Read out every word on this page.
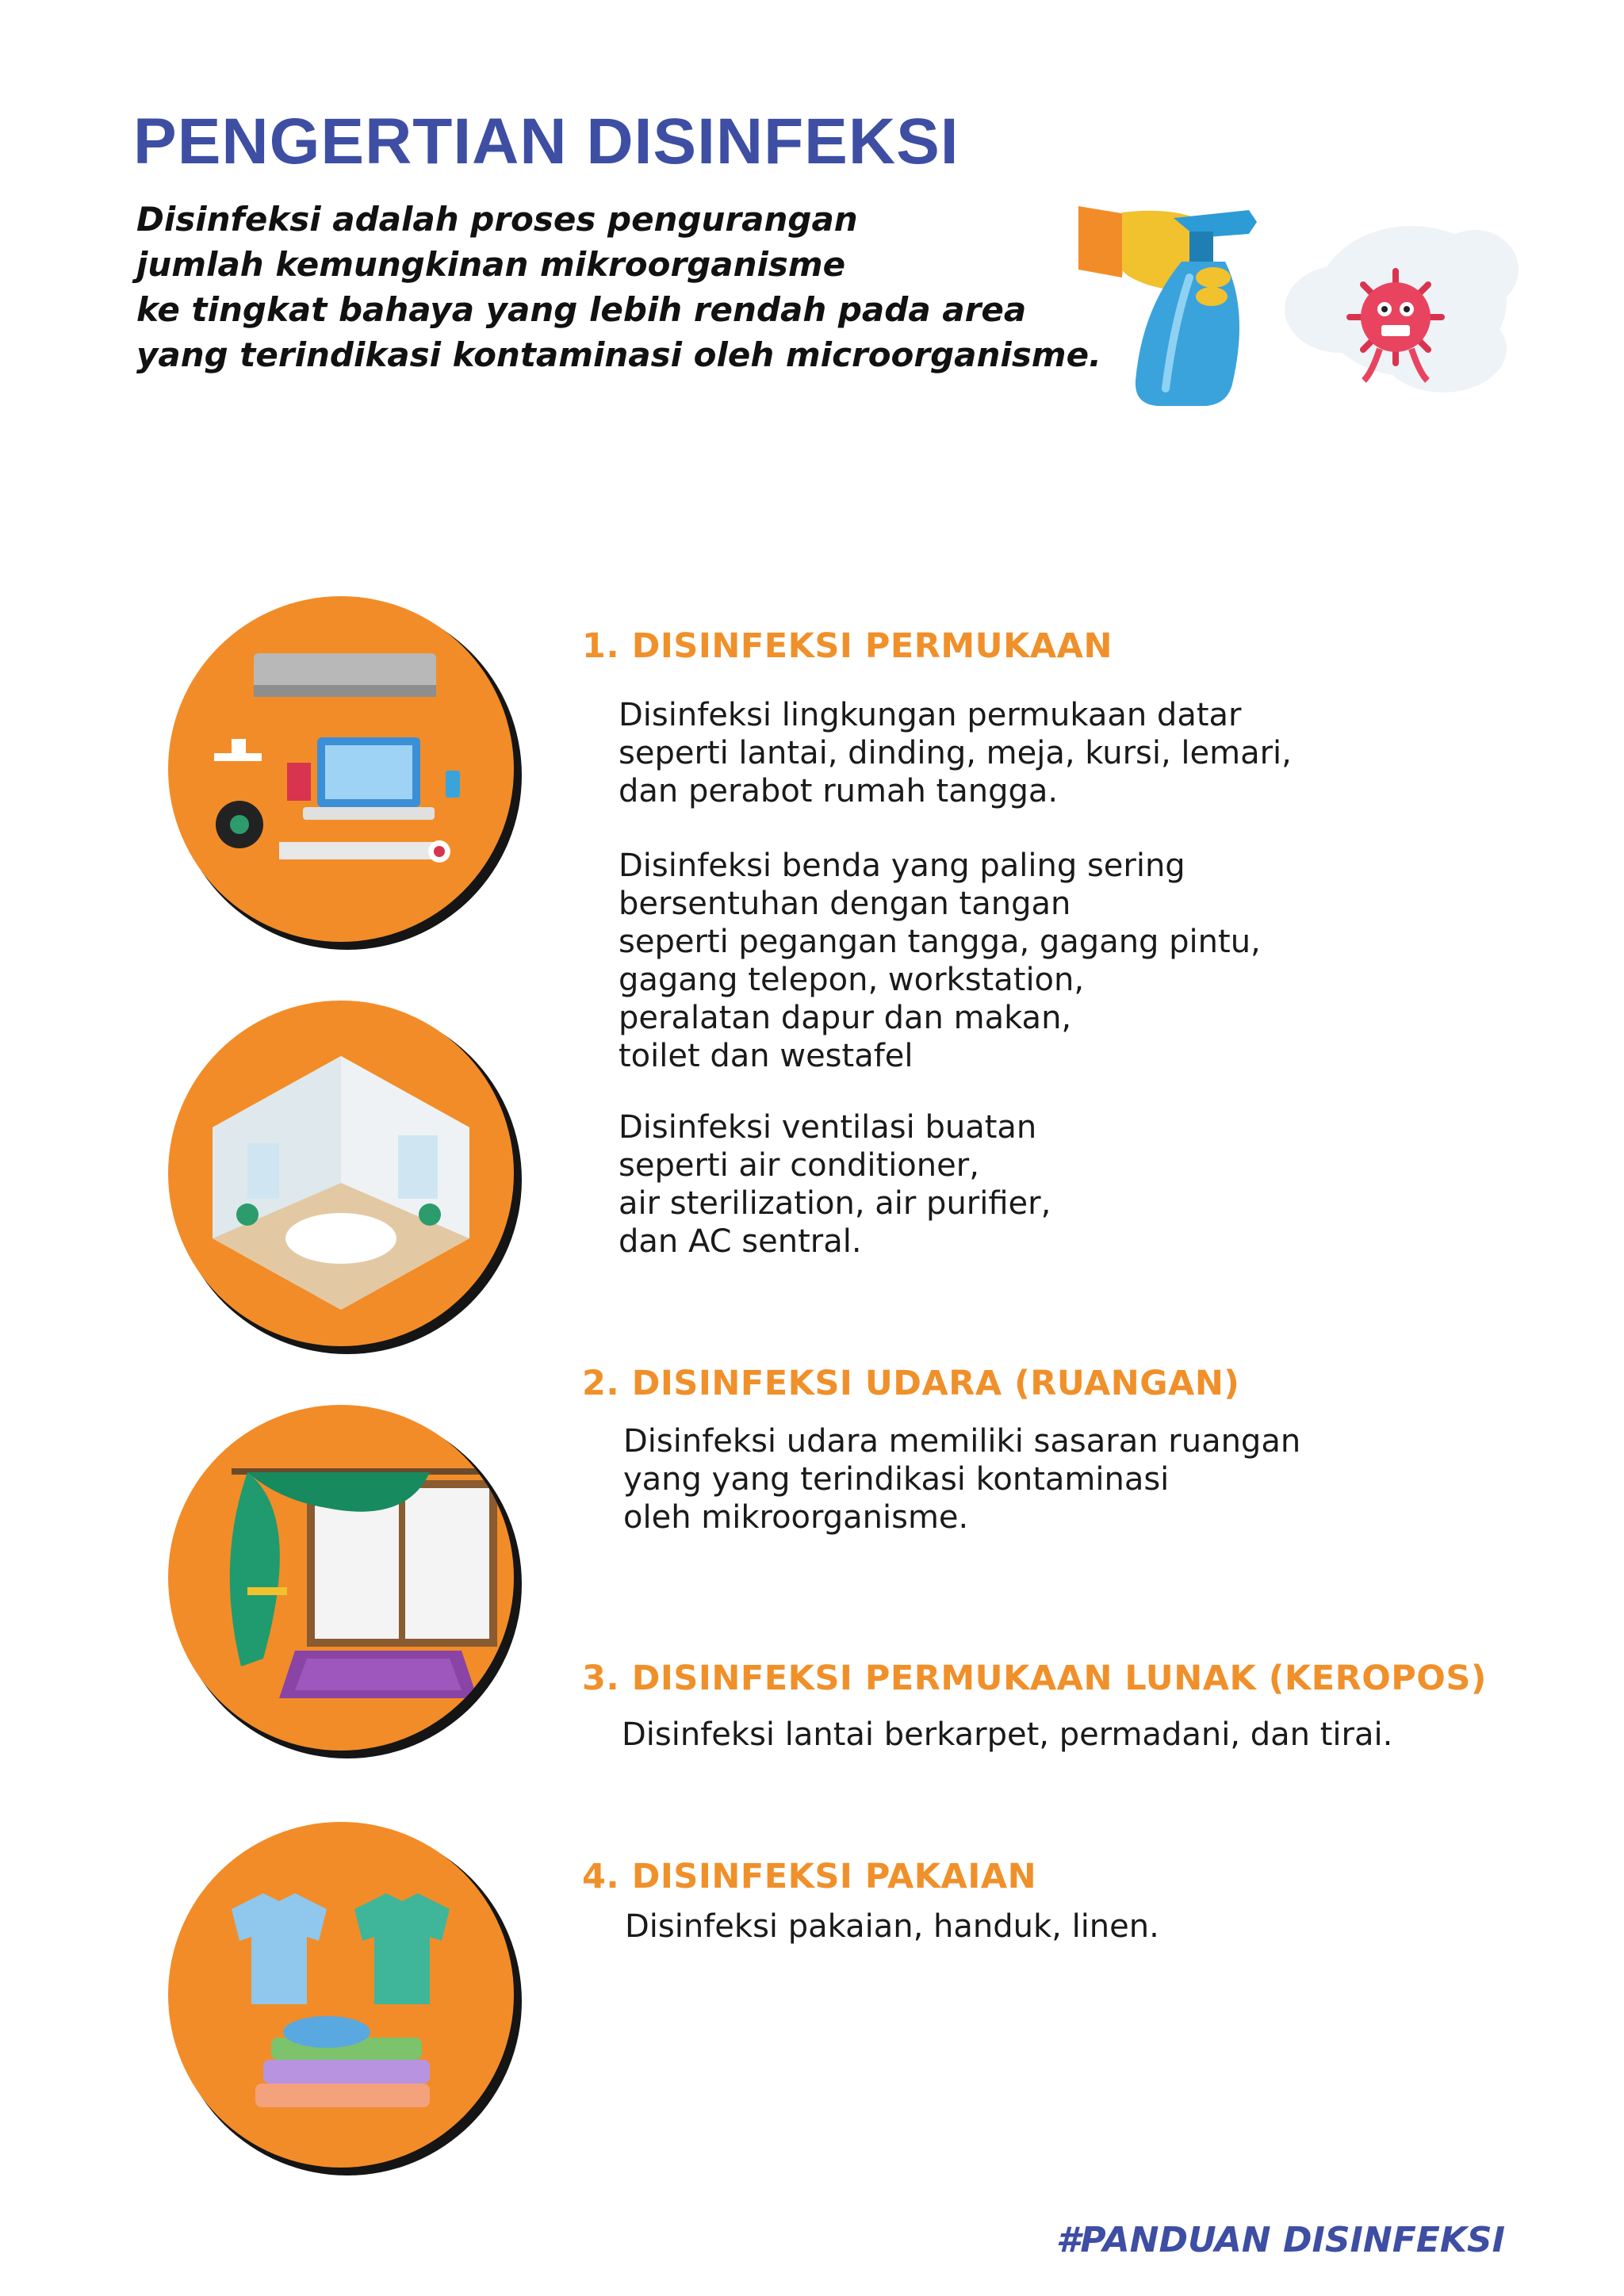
PENGERTIAN DISINFEKSI
Disinfeksi adalah proses pengurangan
jumlah kemungkinan mikroorganisme
ke tingkat bahaya yang lebih rendah pada area
yang terindikasi kontaminasi oleh microorganisme.
1. DISINFEKSI PERMUKAAN
Disinfeksi lingkungan permukaan datar
seperti lantai, dinding, meja, kursi, lemari,
dan perabot rumah tangga.
Disinfeksi benda yang paling sering
bersentuhan dengan tangan
seperti pegangan tangga, gagang pintu,
gagang telepon, workstation,
peralatan dapur dan makan,
toilet dan westafel
Disinfeksi ventilasi buatan
seperti air conditioner,
air sterilization, air purifier,
dan AC sentral.
2. DISINFEKSI UDARA (RUANGAN)
Disinfeksi udara memiliki sasaran ruangan
yang yang terindikasi kontaminasi
oleh mikroorganisme.
3. DISINFEKSI PERMUKAAN LUNAK (KEROPOS)
Disinfeksi lantai berkarpet, permadani, dan tirai.
4. DISINFEKSI PAKAIAN
Disinfeksi pakaian, handuk, linen.
#PANDUAN DISINFEKSI
